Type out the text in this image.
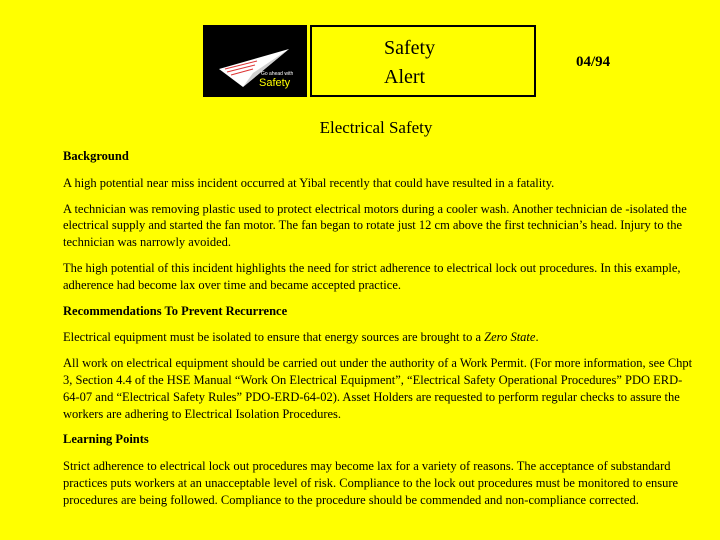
Go ahead with
Safety
Safety
Alert
04/94
Electrical Safety

Background

A high potential near miss incident occurred at Yibal recently that could have resulted in a fatality.

A technician was removing plastic used to protect electrical motors during a cooler wash. Another technician de -isolated the electrical supply and started the fan motor. The fan began to rotate just 12 cm above the first technician’s head. Injury to the technician was narrowly avoided.

The high potential of this incident highlights the need for strict adherence to electrical lock out procedures. In this example, adherence had become lax over time and became accepted practice.

Recommendations To Prevent Recurrence

Electrical equipment must be isolated to ensure that energy sources are brought to a Zero State.

All work on electrical equipment should be carried out under the authority of a Work Permit. (For more information, see Chpt 3, Section 4.4 of the HSE Manual “Work On Electrical Equipment”, “Electrical Safety Operational Procedures” PDO ERD-64-07 and “Electrical Safety Rules” PDO-ERD-64-02). Asset Holders are requested to perform regular checks to assure the workers are adhering to Electrical Isolation Procedures.

Learning Points

Strict adherence to electrical lock out procedures may become lax for a variety of reasons. The acceptance of substandard practices puts workers at an unacceptable level of risk. Compliance to the lock out procedures must be monitored to ensure procedures are being followed. Compliance to the procedure should be commended and non-compliance corrected.
